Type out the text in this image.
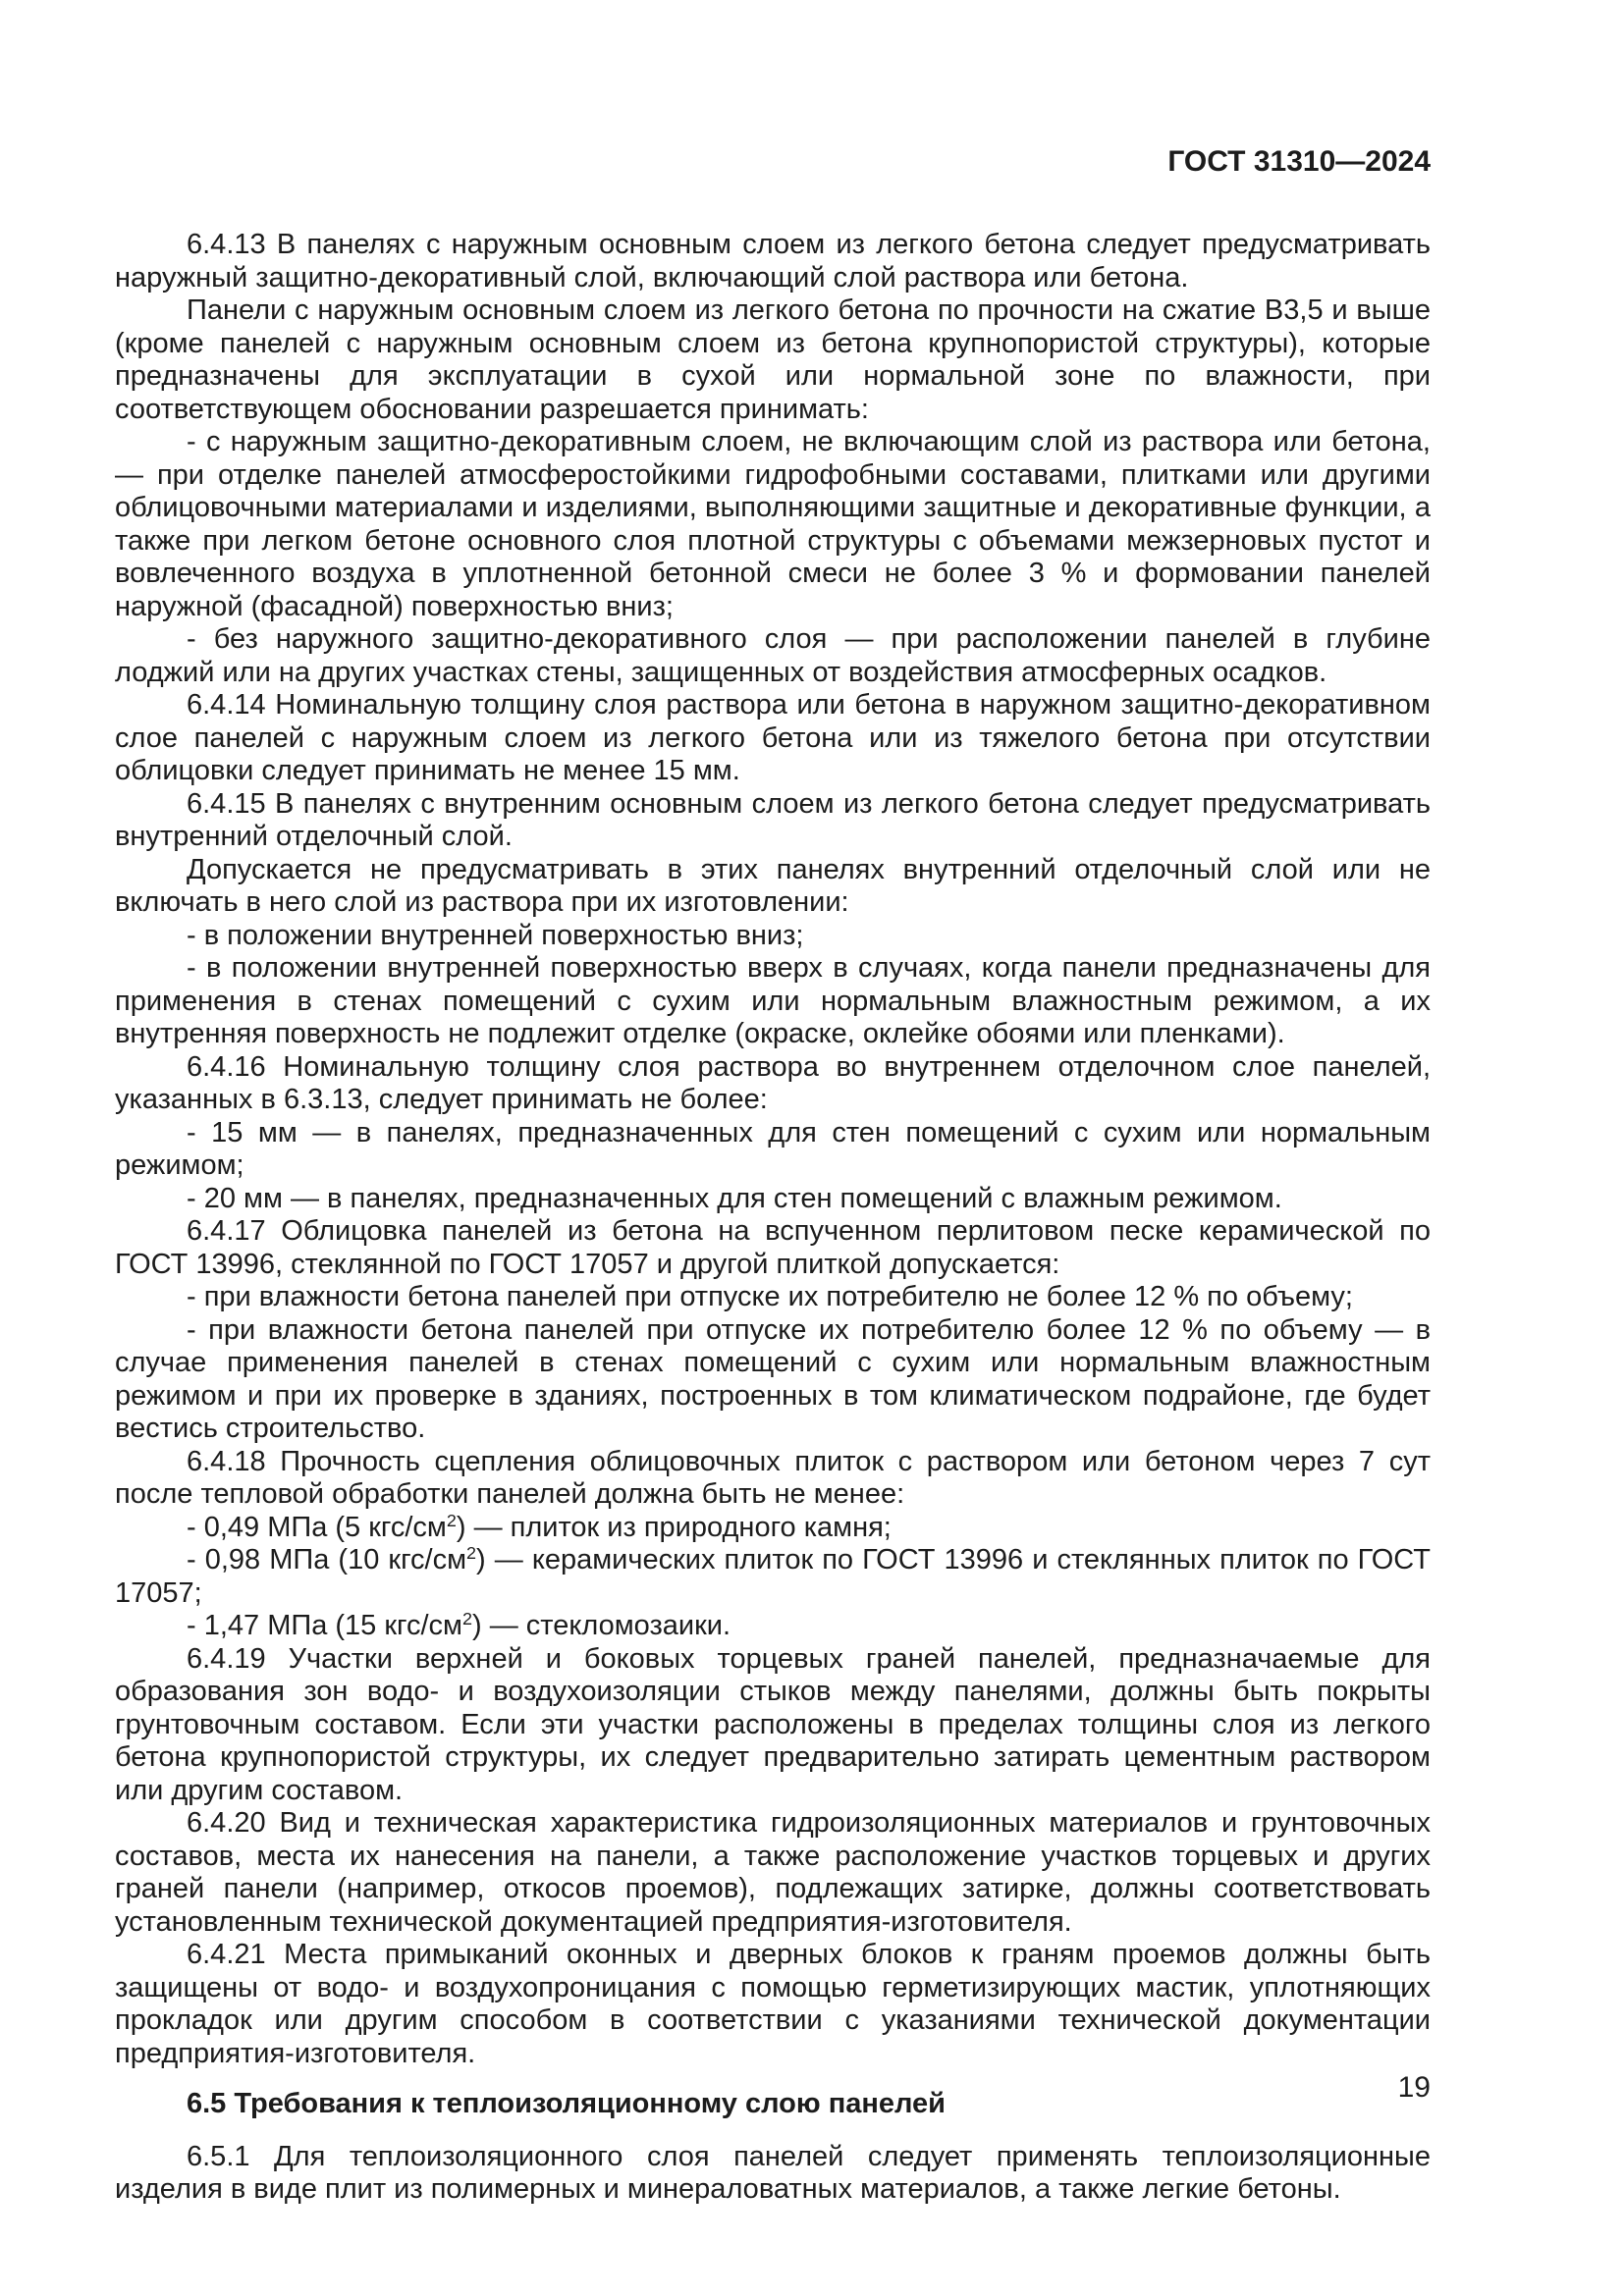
ГОСТ 31310—2024

6.4.13 В панелях с наружным основным слоем из легкого бетона следует предусматривать наружный защитно-декоративный слой, включающий слой раствора или бетона.

Панели с наружным основным слоем из легкого бетона по прочности на сжатие В3,5 и выше (кроме панелей с наружным основным слоем из бетона крупнопористой структуры), которые предназначены для эксплуатации в сухой или нормальной зоне по влажности, при соответствующем обосновании разрешается принимать:

- с наружным защитно-декоративным слоем, не включающим слой из раствора или бетона, — при отделке панелей атмосферостойкими гидрофобными составами, плитками или другими облицовочными материалами и изделиями, выполняющими защитные и декоративные функции, а также при легком бетоне основного слоя плотной структуры с объемами межзерновых пустот и вовлеченного воздуха в уплотненной бетонной смеси не более 3 % и формовании панелей наружной (фасадной) поверхностью вниз;

- без наружного защитно-декоративного слоя — при расположении панелей в глубине лоджий или на других участках стены, защищенных от воздействия атмосферных осадков.

6.4.14 Номинальную толщину слоя раствора или бетона в наружном защитно-декоративном слое панелей с наружным слоем из легкого бетона или из тяжелого бетона при отсутствии облицовки следует принимать не менее 15 мм.

6.4.15 В панелях с внутренним основным слоем из легкого бетона следует предусматривать внутренний отделочный слой.

Допускается не предусматривать в этих панелях внутренний отделочный слой или не включать в него слой из раствора при их изготовлении:

- в положении внутренней поверхностью вниз;

- в положении внутренней поверхностью вверх в случаях, когда панели предназначены для применения в стенах помещений с сухим или нормальным влажностным режимом, а их внутренняя поверхность не подлежит отделке (окраске, оклейке обоями или пленками).

6.4.16 Номинальную толщину слоя раствора во внутреннем отделочном слое панелей, указанных в 6.3.13, следует принимать не более:

- 15 мм — в панелях, предназначенных для стен помещений с сухим или нормальным режимом;

- 20 мм — в панелях, предназначенных для стен помещений с влажным режимом.

6.4.17 Облицовка панелей из бетона на вспученном перлитовом песке керамической по ГОСТ 13996, стеклянной по ГОСТ 17057 и другой плиткой допускается:

- при влажности бетона панелей при отпуске их потребителю не более 12 % по объему;

- при влажности бетона панелей при отпуске их потребителю более 12 % по объему — в случае применения панелей в стенах помещений с сухим или нормальным влажностным режимом и при их проверке в зданиях, построенных в том климатическом подрайоне, где будет вестись строительство.

6.4.18 Прочность сцепления облицовочных плиток с раствором или бетоном через 7 сут после тепловой обработки панелей должна быть не менее:

- 0,49 МПа (5 кгс/$см^2$) — плиток из природного камня;

- 0,98 МПа (10 кгс/$см^2$) — керамических плиток по ГОСТ 13996 и стеклянных плиток по ГОСТ 17057;

- 1,47 МПа (15 кгс/$см^2$) — стекломозаики.

6.4.19 Участки верхней и боковых торцевых граней панелей, предназначаемые для образования зон водо- и воздухоизоляции стыков между панелями, должны быть покрыты грунтовочным составом. Если эти участки расположены в пределах толщины слоя из легкого бетона крупнопористой структуры, их следует предварительно затирать цементным раствором или другим составом.

6.4.20 Вид и техническая характеристика гидроизоляционных материалов и грунтовочных составов, места их нанесения на панели, а также расположение участков торцевых и других граней панели (например, откосов проемов), подлежащих затирке, должны соответствовать установленным технической документацией предприятия-изготовителя.

6.4.21 Места примыканий оконных и дверных блоков к граням проемов должны быть защищены от водо- и воздухопроницания с помощью герметизирующих мастик, уплотняющих прокладок или другим способом в соответствии с указаниями технической документации предприятия-изготовителя.

6.5 Требования к теплоизоляционному слою панелей

6.5.1 Для теплоизоляционного слоя панелей следует применять теплоизоляционные изделия в виде плит из полимерных и минераловатных материалов, а также легкие бетоны.

19
